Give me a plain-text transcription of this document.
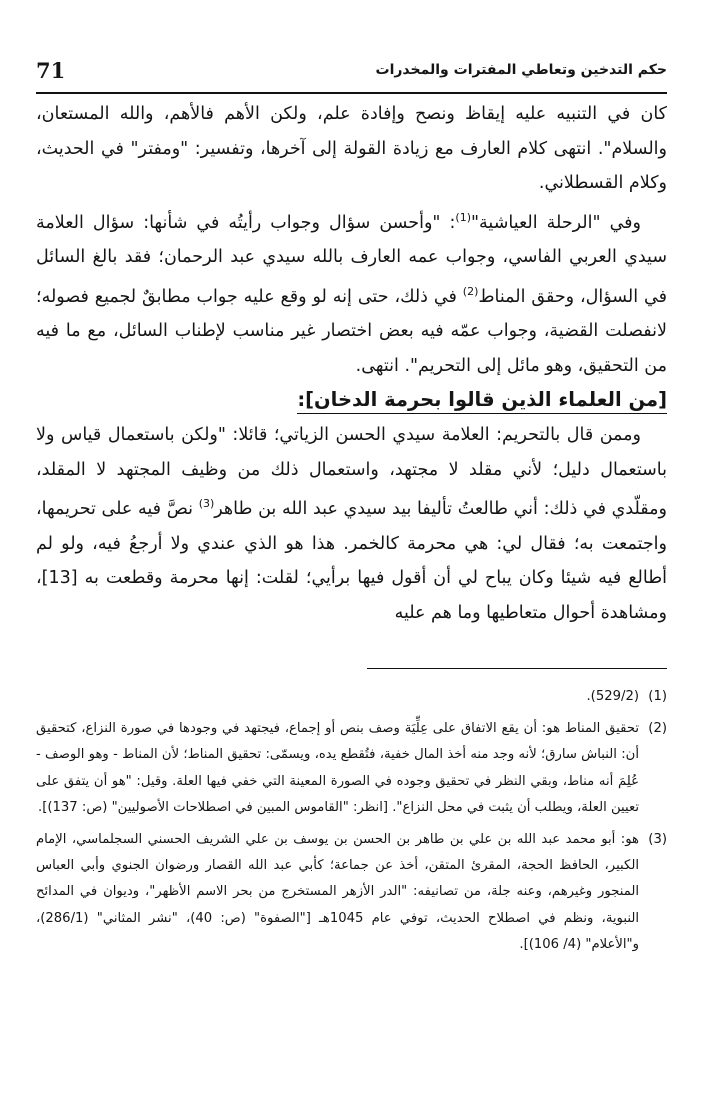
71	حكم التدخين وتعاطي المفترات والمخدرات

كان في التنبيه عليه إيقاظ ونصح وإفادة علم، ولكن الأهم فالأهم، والله المستعان، والسلام". انتهى كلام العارف مع زيادة القولة إلى آخرها، وتفسير: "ومفتر" في الحديث، وكلام القسطلاني.

وفي "الرحلة العياشية"$^{(1)}$: "وأحسن سؤال وجواب رأيتُه في شأنها: سؤال العلامة سيدي العربي الفاسي، وجواب عمه العارف بالله سيدي عبد الرحمان؛ فقد بالغ السائل في السؤال، وحقق المناط$^{(2)}$ في ذلك، حتى إنه لو وقع عليه جواب مطابقٌ لجميع فصوله؛ لانفصلت القضية، وجواب عمّه فيه بعض اختصار غير مناسب لإطناب السائل، مع ما فيه من التحقيق، وهو مائل إلى التحريم". انتهى.

[من العلماء الذين قالوا بحرمة الدخان]:

وممن قال بالتحريم: العلامة سيدي الحسن الزياتي؛ قائلا: "ولكن باستعمال قياس ولا باستعمال دليل؛ لأني مقلد لا مجتهد، واستعمال ذلك من وظيف المجتهد لا المقلد، ومقلّدي في ذلك: أني طالعتُ تأليفا بيد سيدي عبد الله بن طاهر$^{(3)}$ نصَّ فيه على تحريمها، واجتمعت به؛ فقال لي: هي محرمة كالخمر. هذا هو الذي عندي ولا أرجعُ فيه، ولو لم أطالع فيه شيئا وكان يباح لي أن أقول فيها برأيي؛ لقلت: إنها محرمة وقطعت به [13]، ومشاهدة أحوال متعاطيها وما هم عليه

(1)
(529/2).
(2)
تحقيق المناط هو: أن يقع الاتفاق على عِلِّيَة وصف بنص أو إجماع، فيجتهد في وجودها في صورة النزاع، كتحقيق أن: النباش سارق؛ لأنه وجد منه أخذ المال خفية، فتُقطع يده، ويسمّى: تحقيق المناط؛ لأن المناط - وهو الوصف - عُلِمَ أنه مناط، وبقي النظر في تحقيق وجوده في الصورة المعينة التي خفي فيها العلة. وقيل: "هو أن يتفق على تعيين العلة، ويطلب أن يثبت في محل النزاع". [انظر: "القاموس المبين في اصطلاحات الأصوليين" (ص: 137)].
(3)
هو: أبو محمد عبد الله بن علي بن طاهر بن الحسن بن يوسف بن علي الشريف الحسني السجلماسي، الإمام الكبير، الحافظ الحجة، المقرئ المتقن، أخذ عن جماعة؛ كأبي عبد الله القصار ورضوان الجنوي وأبي العباس المنجور وغيرهم، وعنه جلة، من تصانيفه: "الدر الأزهر المستخرج من بحر الاسم الأظهر"، وديوان في المدائح النبوية، ونظم في اصطلاح الحديث، توفي عام 1045هـ ["الصفوة" (ص: 40)، "نشر المثاني" (286/1)، و"الأعلام" (4/ 106)].
